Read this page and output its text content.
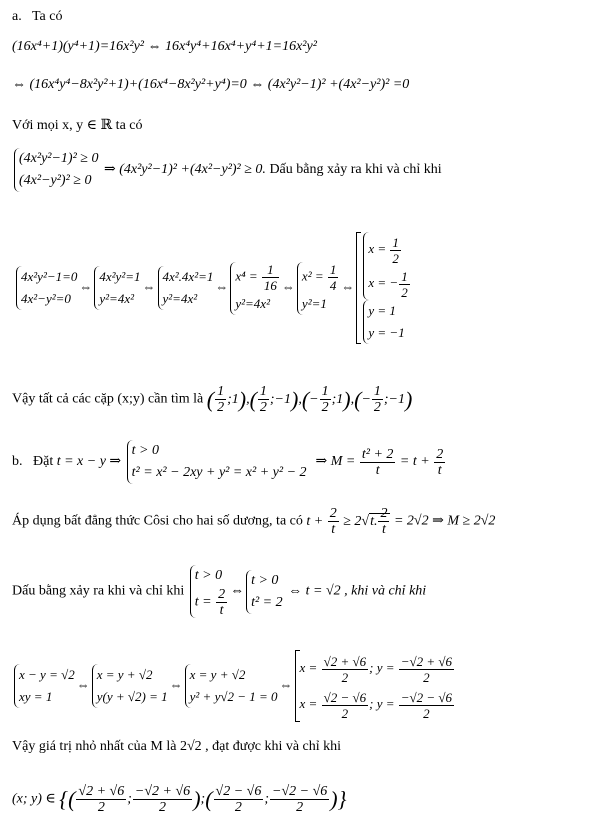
a. Ta có
(16x⁴+1)(y⁴+1)=16x²y² ⇔ 16x⁴y⁴+16x⁴+y⁴+1=16x²y²
⇔ (16x⁴y⁴−8x²y²+1)+(16x⁴−8x²y²+y⁴)=0 ⇔ (4x²y²−1)² +(4x²−y²)² =0
Với mọi x, y ∈ ℝ ta có
(4x²y²−1)² ≥ 0
(4x²−y²)² ≥ 0
⇒ (4x²y²−1)² +(4x²−y²)² ≥ 0. Dấu bằng xảy ra khi và chỉ khi
4x²y²−1=0
4x²−y²=0
⇔
4x²y²=1
y²=4x²
⇔
4x².4x²=1
y²=4x²
⇔
$x^4 = \frac{1}{16}$
y²=4x²
⇔
$x^2 = \frac{1}{4}$
y²=1
⇔
$x = \frac{1}{2}$
x = − $\frac{1}{2}$

y = 1
y = −1
Vậy tất cả các cặp (x;y) cần tìm là ( $\frac{1}{2}$ ;1),( $\frac{1}{2}$ ;−1),(− $\frac{1}{2}$ ;1),(− $\frac{1}{2}$ ;−1)
b. Đặt t = x − y ⇒
t > 0
t² = x² − 2xy + y² = x² + y² − 2
⇒ $M = \frac{\text{t² + 2}}{t} = t + \frac{2}{t}$
Áp dụng bất đẳng thức Côsi cho hai số dương, ta có $t + \frac{2}{t} \ge 2√t$. $\frac{2}{t} = 2√2$ ⇒ M ≥ 2√2
Dấu bằng xảy ra khi và chỉ khi
t > 0
$t = \frac{2}{t}$ ⇔
t > 0
t² = 2
⇔ t = √2 , khi và chỉ khi
x − y = √2
xy = 1
⇔
x = y + √2
y(y + √2) = 1
⇔
x = y + √2
y² + y√2 − 1 = 0
⇔
$x = \frac{√2 + √6}{2}$ ; $y = \frac{-√2 + √6}{2}$
$x = \frac{√2 - √6}{2}$ ; $y = \frac{-√2 - √6}{2}$
Vậy giá trị nhỏ nhất của M là 2√2 , đạt được khi và chỉ khi
(x; y) ∈ {( $\frac{√2 + √6}{2}$ ; $\frac{-√2 + √6}{2}$ );( $\frac{√2 - √6}{2}$ ; $\frac{-√2 - √6}{2}$ )}
